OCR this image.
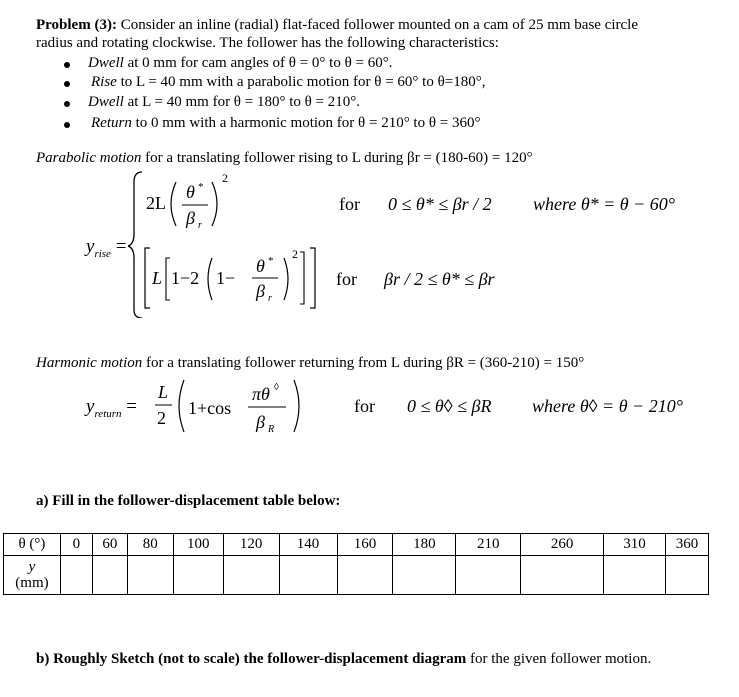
Problem (3): Consider an inline (radial) flat-faced follower mounted on a cam of 25 mm base circle
radius and rotating clockwise. The follower has the following characteristics:
Dwell at 0 mm for cam angles of θ = 0° to θ = 60°.
Rise to L = 40 mm with a parabolic motion for θ = 60° to θ=180°,
Dwell at L = 40 mm for θ = 180° to θ = 210°.
Return to 0 mm with a harmonic motion for θ = 210° to θ = 360°
Parabolic motion for a translating follower rising to L during βr = (180-60) = 120°
$y_{rise}$ =
2L
θ *
β r
2
L 1−2 1−
θ *
β r
2
for 0 ≤ θ* ≤ βr / 2 where θ* = θ − 60°
for βr / 2 ≤ θ* ≤ βr
Harmonic motion for a translating follower returning from L during βR = (360-210) = 150°
$y_{return}$ =
L
2 1+cos
πθ ◊
β R
for 0 ≤ θ◊ ≤ βR where θ◊ = θ − 210°
a) Fill in the follower-displacement table below:
θ (°)	0	60	80	100	120	140	160	180	210	260	310	360
y
(mm)												
b) Roughly Sketch (not to scale) the follower-displacement diagram for the given follower motion.
